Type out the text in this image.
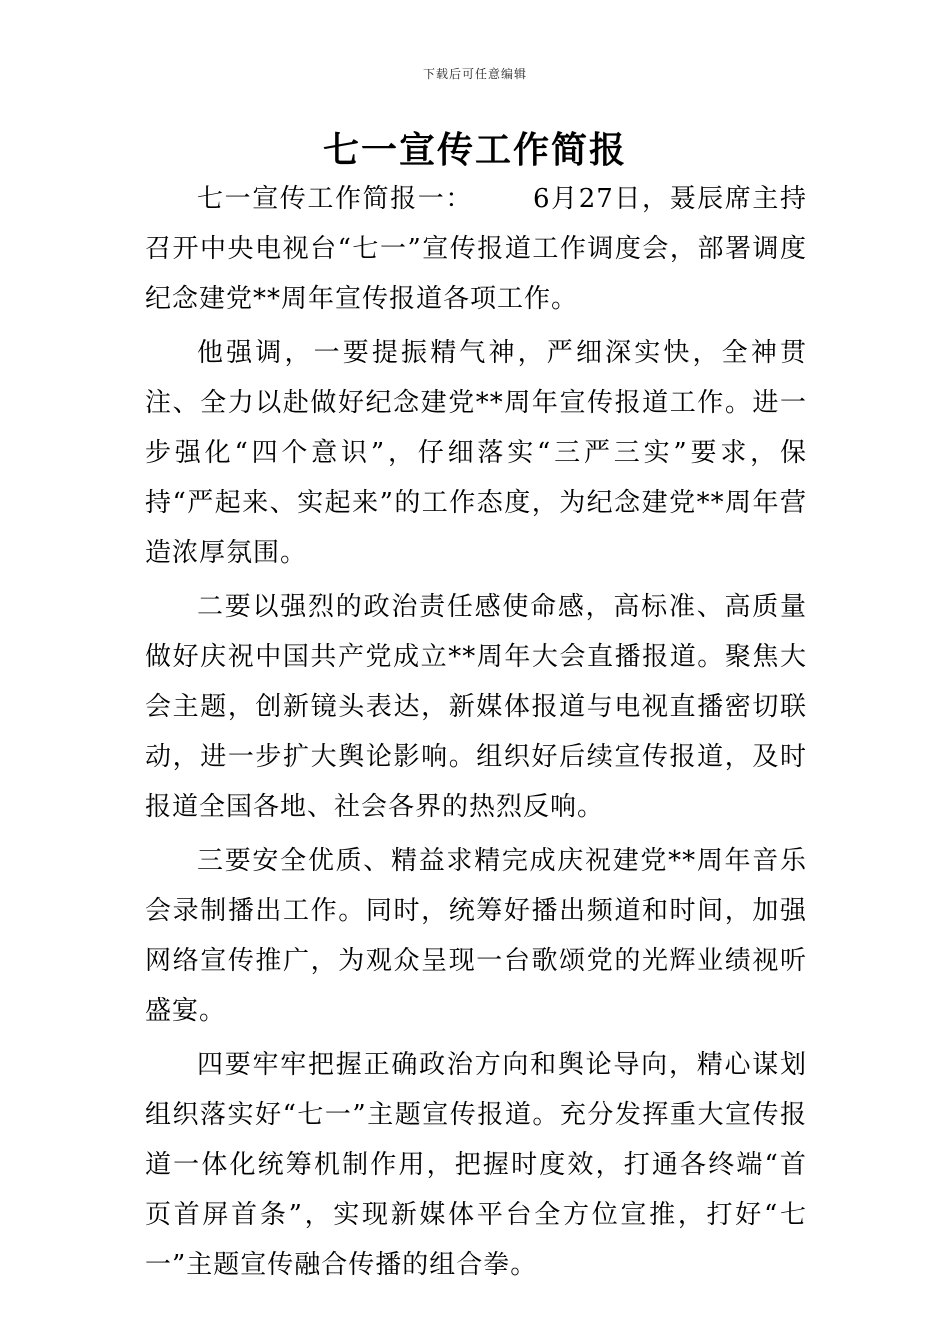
下载后可任意编辑
七一宣传工作简报

七一宣传工作简报一： 6月27日，聂辰席主持召开中央电视台“七一”宣传报道工作调度会，部署调度纪念建党**周年宣传报道各项工作。

他强调，一要提振精气神，严细深实快，全神贯注、全力以赴做好纪念建党**周年宣传报道工作。进一步强化“四个意识”，仔细落实“三严三实”要求，保持“严起来、实起来”的工作态度，为纪念建党**周年营造浓厚氛围。

二要以强烈的政治责任感使命感，高标准、高质量做好庆祝中国共产党成立**周年大会直播报道。聚焦大会主题，创新镜头表达，新媒体报道与电视直播密切联动，进一步扩大舆论影响。组织好后续宣传报道，及时报道全国各地、社会各界的热烈反响。

三要安全优质、精益求精完成庆祝建党**周年音乐会录制播出工作。同时，统筹好播出频道和时间，加强网络宣传推广，为观众呈现一台歌颂党的光辉业绩视听盛宴。

四要牢牢把握正确政治方向和舆论导向，精心谋划组织落实好“七一”主题宣传报道。充分发挥重大宣传报道一体化统筹机制作用，把握时度效，打通各终端“首页首屏首条”，实现新媒体平台全方位宣推，打好“七一”主题宣传融合传播的组合拳。
